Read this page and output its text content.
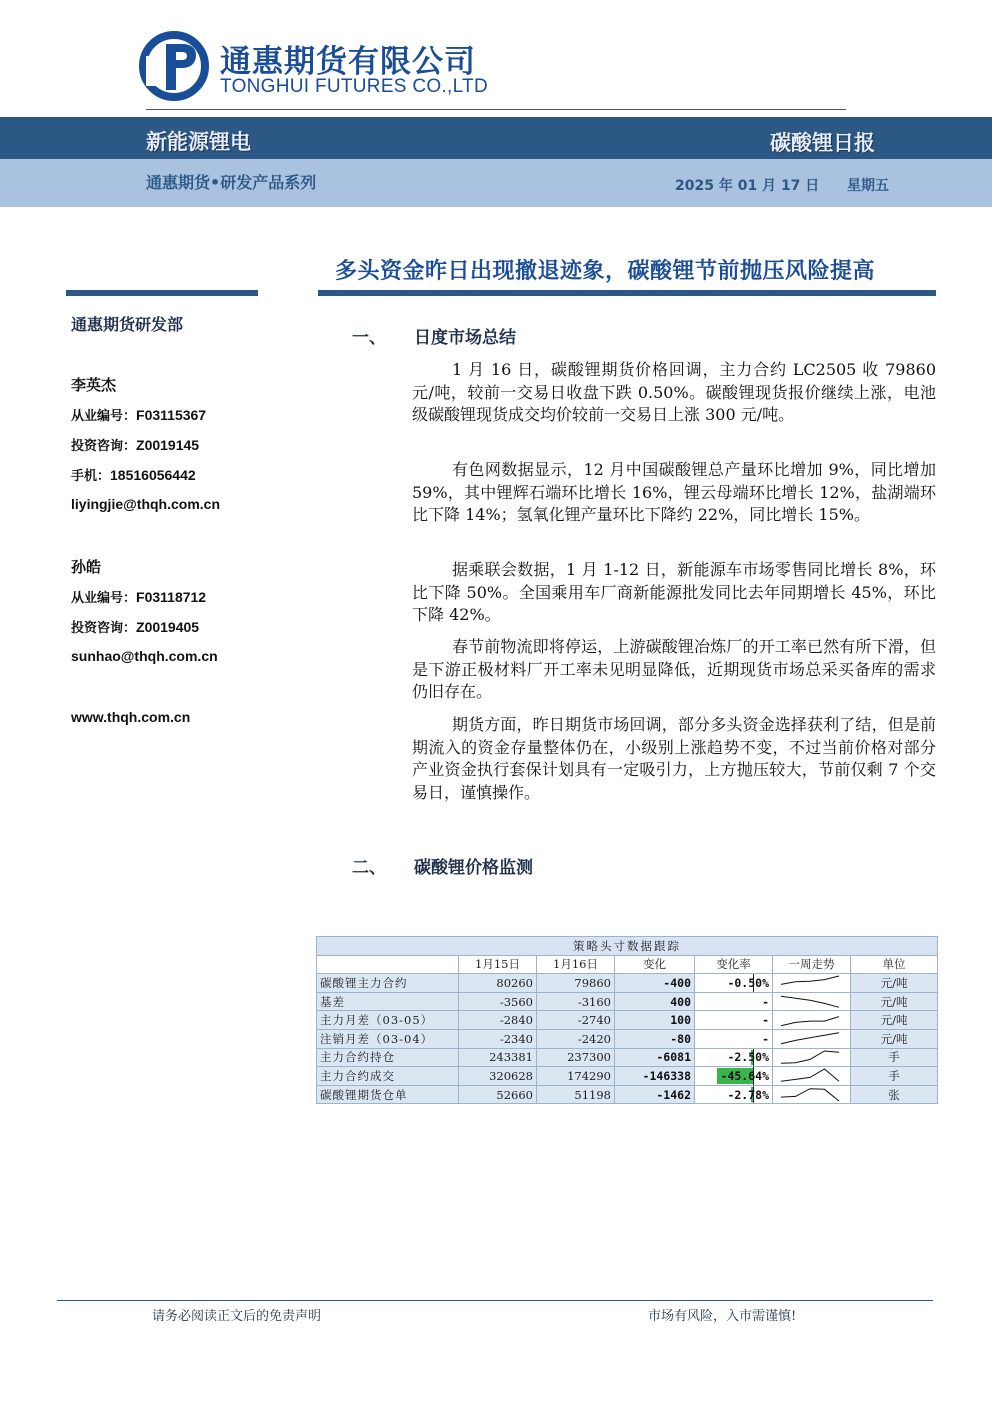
通惠期货有限公司
TONGHUI FUTURES CO.,LTD
新能源锂电	碳酸锂日报
通惠期货•研发产品系列	2025 年 01 月 17 日 星期五
多头资金昨日出现撤退迹象，碳酸锂节前抛压风险提高
通惠期货研发部
李英杰
从业编号：F03115367
投资咨询：Z0019145
手机：18516056442
liyingjie@thqh.com.cn
孙皓
从业编号：F03118712
投资咨询：Z0019405
sunhao@thqh.com.cn
www.thqh.com.cn
一、 日度市场总结

1 月 16 日，碳酸锂期货价格回调，主力合约 LC2505 收 79860 元/吨，较前一交易日收盘下跌 0.50%。碳酸锂现货报价继续上涨，电池级碳酸锂现货成交均价较前一交易日上涨 300 元/吨。

有色网数据显示，12 月中国碳酸锂总产量环比增加 9%，同比增加 59%，其中锂辉石端环比增长 16%，锂云母端环比增长 12%，盐湖端环比下降 14%；氢氧化锂产量环比下降约 22%，同比增长 15%。

据乘联会数据，1 月 1-12 日，新能源车市场零售同比增长 8%，环比下降 50%。全国乘用车厂商新能源批发同比去年同期增长 45%，环比下降 42%。

春节前物流即将停运，上游碳酸锂冶炼厂的开工率已然有所下滑，但是下游正极材料厂开工率未见明显降低，近期现货市场总采买备库的需求仍旧存在。

期货方面，昨日期货市场回调，部分多头资金选择获利了结，但是前期流入的资金存量整体仍在，小级别上涨趋势不变，不过当前价格对部分产业资金执行套保计划具有一定吸引力，上方抛压较大，节前仅剩 7 个交易日，谨慎操作。

二、 碳酸锂价格监测
策略头寸数据跟踪						
	1月15日	1月16日	变化	变化率	一周走势	单位
碳酸锂主力合约	80260	79860	-400	-0.50%		元/吨
基差	-3560	-3160	400	-		元/吨
主力月差（03-05）	-2840	-2740	100	-		元/吨
注销月差（03-04）	-2340	-2420	-80	-		元/吨
主力合约持仓	243381	237300	-6081	-2.50%		手
主力合约成交	320628	174290	-146338	-45.64%		手
碳酸锂期货仓单	52660	51198	-1462	-2.78%		张
请务必阅读正文后的免责声明	市场有风险，入市需谨慎!
